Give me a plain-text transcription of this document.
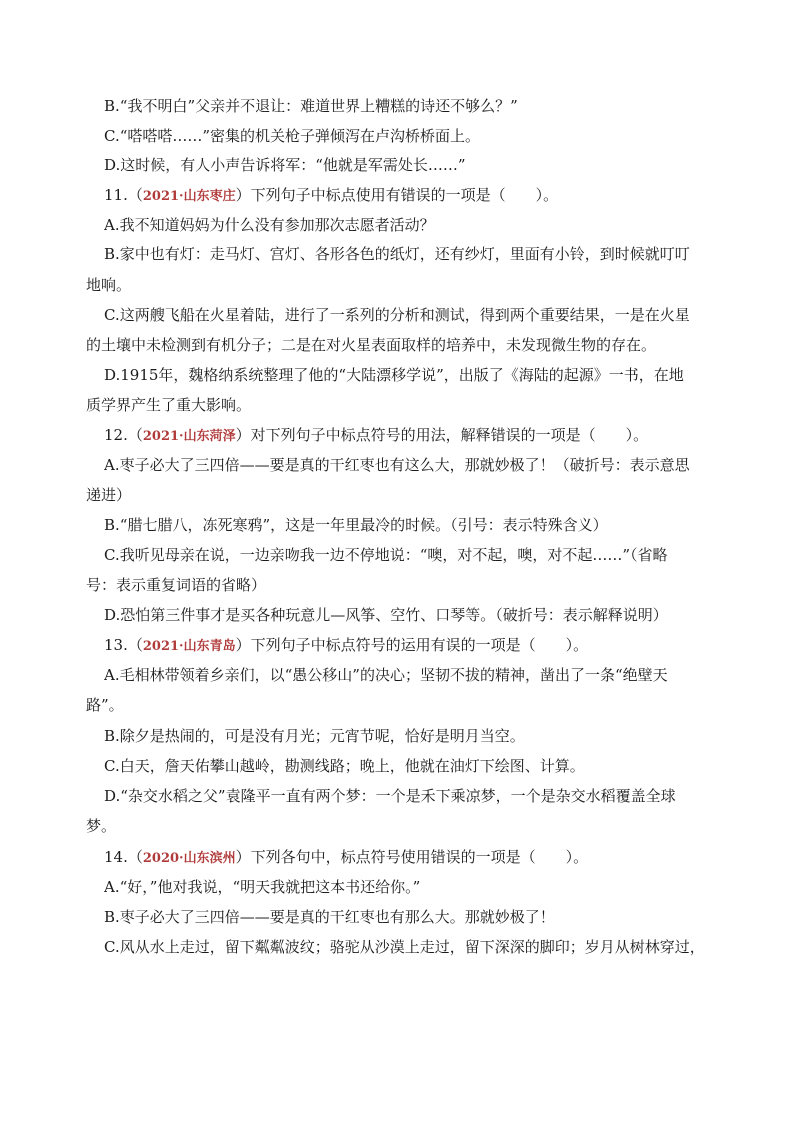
B.“我不明白”父亲并不退让：难道世界上糟糕的诗还不够么？”
C.“嗒嗒嗒……”密集的机关枪子弹倾泻在卢沟桥桥面上。
D.这时候，有人小声告诉将军：“他就是军需处长……”
11.（2021·山东枣庄）下列句子中标点使用有错误的一项是（　　）。
A.我不知道妈妈为什么没有参加那次志愿者活动？
B.家中也有灯：走马灯、宫灯、各形各色的纸灯，还有纱灯，里面有小铃，到时候就叮叮
地响。
C.这两艘飞船在火星着陆，进行了一系列的分析和测试，得到两个重要结果，一是在火星
的土壤中未检测到有机分子；二是在对火星表面取样的培养中，未发现微生物的存在。
D.1915年，魏格纳系统整理了他的“大陆漂移学说”，出版了《海陆的起源》一书，在地
质学界产生了重大影响。
12.（2021·山东菏泽）对下列句子中标点符号的用法，解释错误的一项是（　　）。
A.枣子必大了三四倍——要是真的干红枣也有这么大，那就妙极了！（破折号：表示意思
递进）
B.“腊七腊八，冻死寒鸦”，这是一年里最冷的时候。（引号：表示特殊含义）
C.我听见母亲在说，一边亲吻我一边不停地说：“噢，对不起，噢，对不起……”（省略
号：表示重复词语的省略）
D.恐怕第三件事才是买各种玩意儿—风筝、空竹、口琴等。（破折号：表示解释说明）
13.（2021·山东青岛）下列句子中标点符号的运用有误的一项是（　　）。
A.毛相林带领着乡亲们，以“愚公移山”的决心；坚韧不拔的精神，凿出了一条“绝壁天
路”。
B.除夕是热闹的，可是没有月光；元宵节呢，恰好是明月当空。
C.白天，詹天佑攀山越岭，勘测线路；晚上，他就在油灯下绘图、计算。
D.“杂交水稻之父”袁隆平一直有两个梦：一个是禾下乘凉梦，一个是杂交水稻覆盖全球
梦。
14.（2020·山东滨州）下列各句中，标点符号使用错误的一项是（　　）。
A.“好，”他对我说，“明天我就把这本书还给你。”
B.枣子必大了三四倍——要是真的干红枣也有那么大。那就妙极了！
C.风从水上走过，留下粼粼波纹；骆驼从沙漠上走过，留下深深的脚印；岁月从树林穿过，
